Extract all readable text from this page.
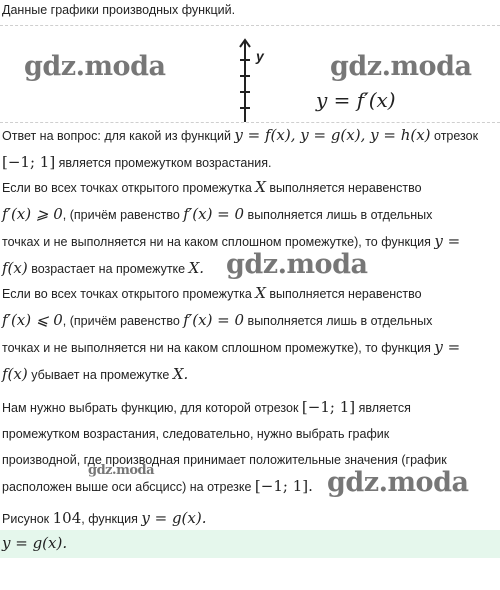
Данные графики производных функций.
gdz.moda	gdz.moda
y
y = f′(x)
Ответ на вопрос: для какой из функций y = f(x), y = g(x), y = h(x) отрезок
[−1; 1] является промежутком возрастания.
Если во всех точках открытого промежутка X выполняется неравенство
f′(x) ⩾ 0, (причём равенство f′(x) = 0 выполняется лишь в отдельных
точках и не выполняется ни на каком сплошном промежутке), то функция y =
f(x) возрастает на промежутке X. gdz.moda
Если во всех точках открытого промежутка X выполняется неравенство
f′(x) ⩽ 0, (причём равенство f′(x) = 0 выполняется лишь в отдельных
точках и не выполняется ни на каком сплошном промежутке), то функция y =
f(x) убывает на промежутке X.
Нам нужно выбрать функцию, для которой отрезок [−1; 1] является
промежутком возрастания, следовательно, нужно выбрать график
производной, где производная принимает положительные значения (график
расположен выше оси абсцисс) на отрезке [−1; 1].
gdz.moda	gdz.moda
Рисунок 104, функция y = g(x).
y = g(x).
